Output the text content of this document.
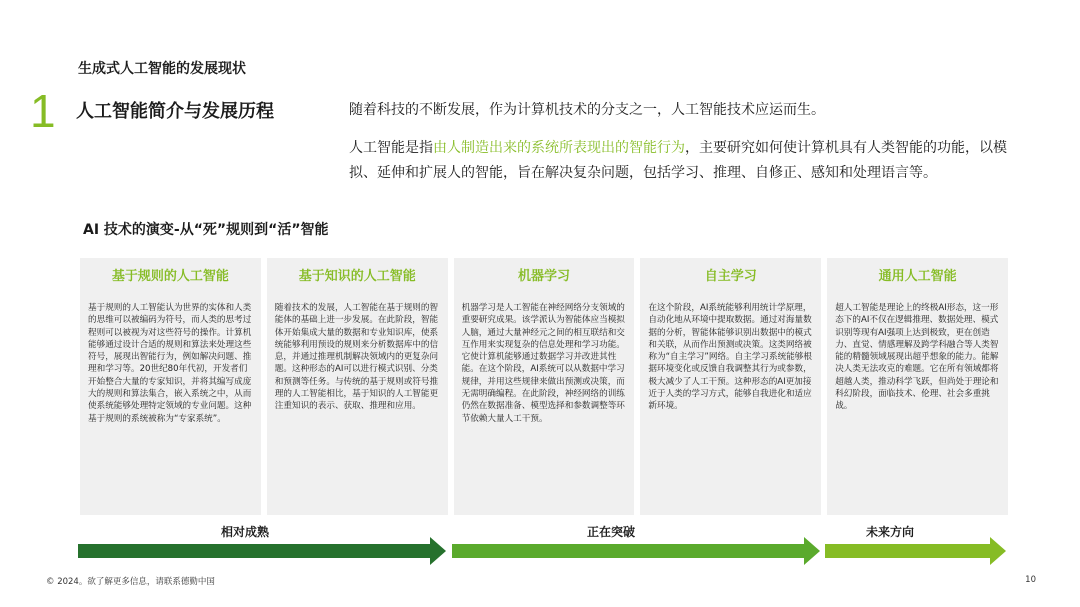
生成式人工智能的发展现状
1 人工智能简介与发展历程	随着科技的不断发展，作为计算机技术的分支之一，人工智能技术应运而生。
人工智能是指由人制造出来的系统所表现出的智能行为，主要研究如何使计算机具有人类智能的功能，以模拟、延伸和扩展人的智能，旨在解决复杂问题，包括学习、推理、自修正、感知和处理语言等。
AI 技术的演变-从“死”规则到“活”智能
基于规则的人工智能
基于规则的人工智能认为世界的实体和人类的思维可以被编码为符号，而人类的思考过程则可以被视为对这些符号的操作。计算机能够通过设计合适的规则和算法来处理这些符号，展现出智能行为，例如解决问题、推理和学习等。20世纪80年代初，开发者们开始整合大量的专家知识，并将其编写成庞大的规则和算法集合，嵌入系统之中，从而使系统能够处理特定领域的专业问题。这种基于规则的系统被称为“专家系统”。
基于知识的人工智能
随着技术的发展，人工智能在基于规则的智能体的基础上进一步发展。在此阶段，智能体开始集成大量的数据和专业知识库，使系统能够利用预设的规则来分析数据库中的信息，并通过推理机制解决领域内的更复杂问题。这种形态的AI可以进行模式识别、分类和预测等任务。与传统的基于规则或符号推理的人工智能相比，基于知识的人工智能更注重知识的表示、获取、推理和应用。
机器学习
机器学习是人工智能在神经网络分支领域的重要研究成果。该学派认为智能体应当模拟人脑，通过大量神经元之间的相互联结和交互作用来实现复杂的信息处理和学习功能。它使计算机能够通过数据学习并改进其性能。在这个阶段，AI系统可以从数据中学习规律，并用这些规律来做出预测或决策，而无需明确编程。在此阶段，神经网络的训练仍然在数据准备、模型选择和参数调整等环节依赖大量人工干预。
自主学习
在这个阶段，AI系统能够利用统计学原理，自动化地从环境中提取数据。通过对海量数据的分析，智能体能够识别出数据中的模式和关联，从而作出预测或决策。这类网络被称为“自主学习”网络。自主学习系统能够根据环境变化或反馈自我调整其行为或参数，极大减少了人工干预。这种形态的AI更加接近于人类的学习方式，能够自我进化和适应新环境。
通用人工智能
超人工智能是理论上的终极AI形态，这一形态下的AI不仅在逻辑推理、数据处理、模式识别等现有AI强项上达到极致，更在创造力、直觉、情感理解及跨学科融合等人类智能的精髓领域展现出超乎想象的能力。能解决人类无法攻克的难题。它在所有领域都将超越人类，推动科学飞跃，但尚处于理论和科幻阶段，面临技术、伦理、社会多重挑战。
相对成熟	正在突破	未来方向
© 2024。欲了解更多信息，请联系德勤中国	10
